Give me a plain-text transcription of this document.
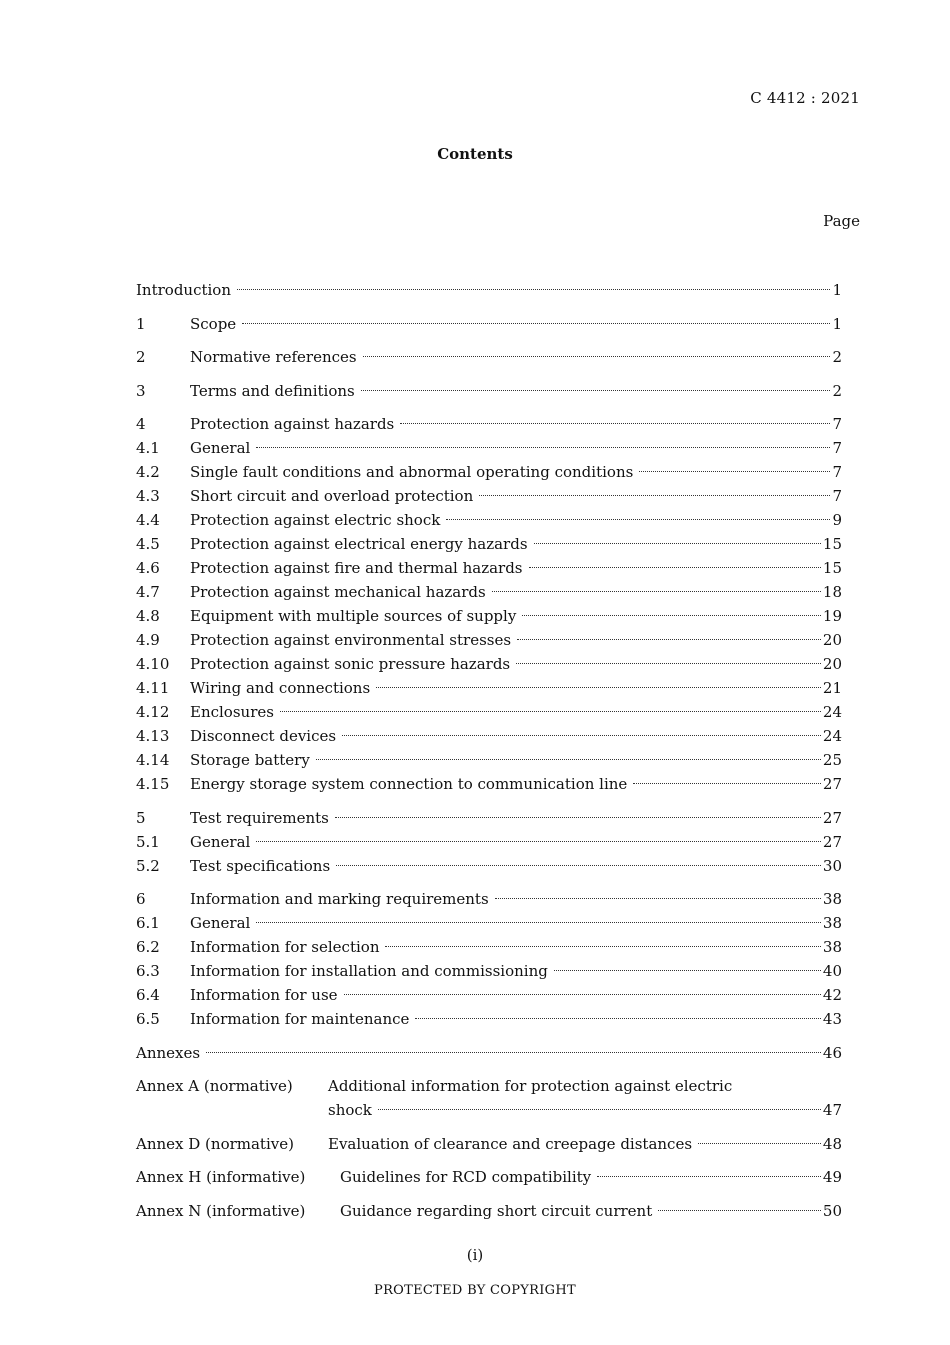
C 4412 : 2021
Contents
Page
Introduction	1
1	Scope	1
2	Normative references	2
3	Terms and definitions	2
4	Protection against hazards	7
4.1	General	7
4.2	Single fault conditions and abnormal operating conditions	7
4.3	Short circuit and overload protection	7
4.4	Protection against electric shock	9
4.5	Protection against electrical energy hazards	15
4.6	Protection against fire and thermal hazards	15
4.7	Protection against mechanical hazards	18
4.8	Equipment with multiple sources of supply	19
4.9	Protection against environmental stresses	20
4.10	Protection against sonic pressure hazards	20
4.11	Wiring and connections	21
4.12	Enclosures	24
4.13	Disconnect devices	24
4.14	Storage battery	25
4.15	Energy storage system connection to communication line	27
5	Test requirements	27
5.1	General	27
5.2	Test specifications	30
6	Information and marking requirements	38
6.1	General	38
6.2	Information for selection	38
6.3	Information for installation and commissioning	40
6.4	Information for use	42
6.5	Information for maintenance	43
Annexes	46
Annex A (normative)	Additional information for protection against electric
shock	47
Annex D (normative)	Evaluation of clearance and creepage distances	48
Annex H (informative)	Guidelines for RCD compatibility	49
Annex N (informative)	Guidance regarding short circuit current	50
(i)
PROTECTED BY COPYRIGHT
